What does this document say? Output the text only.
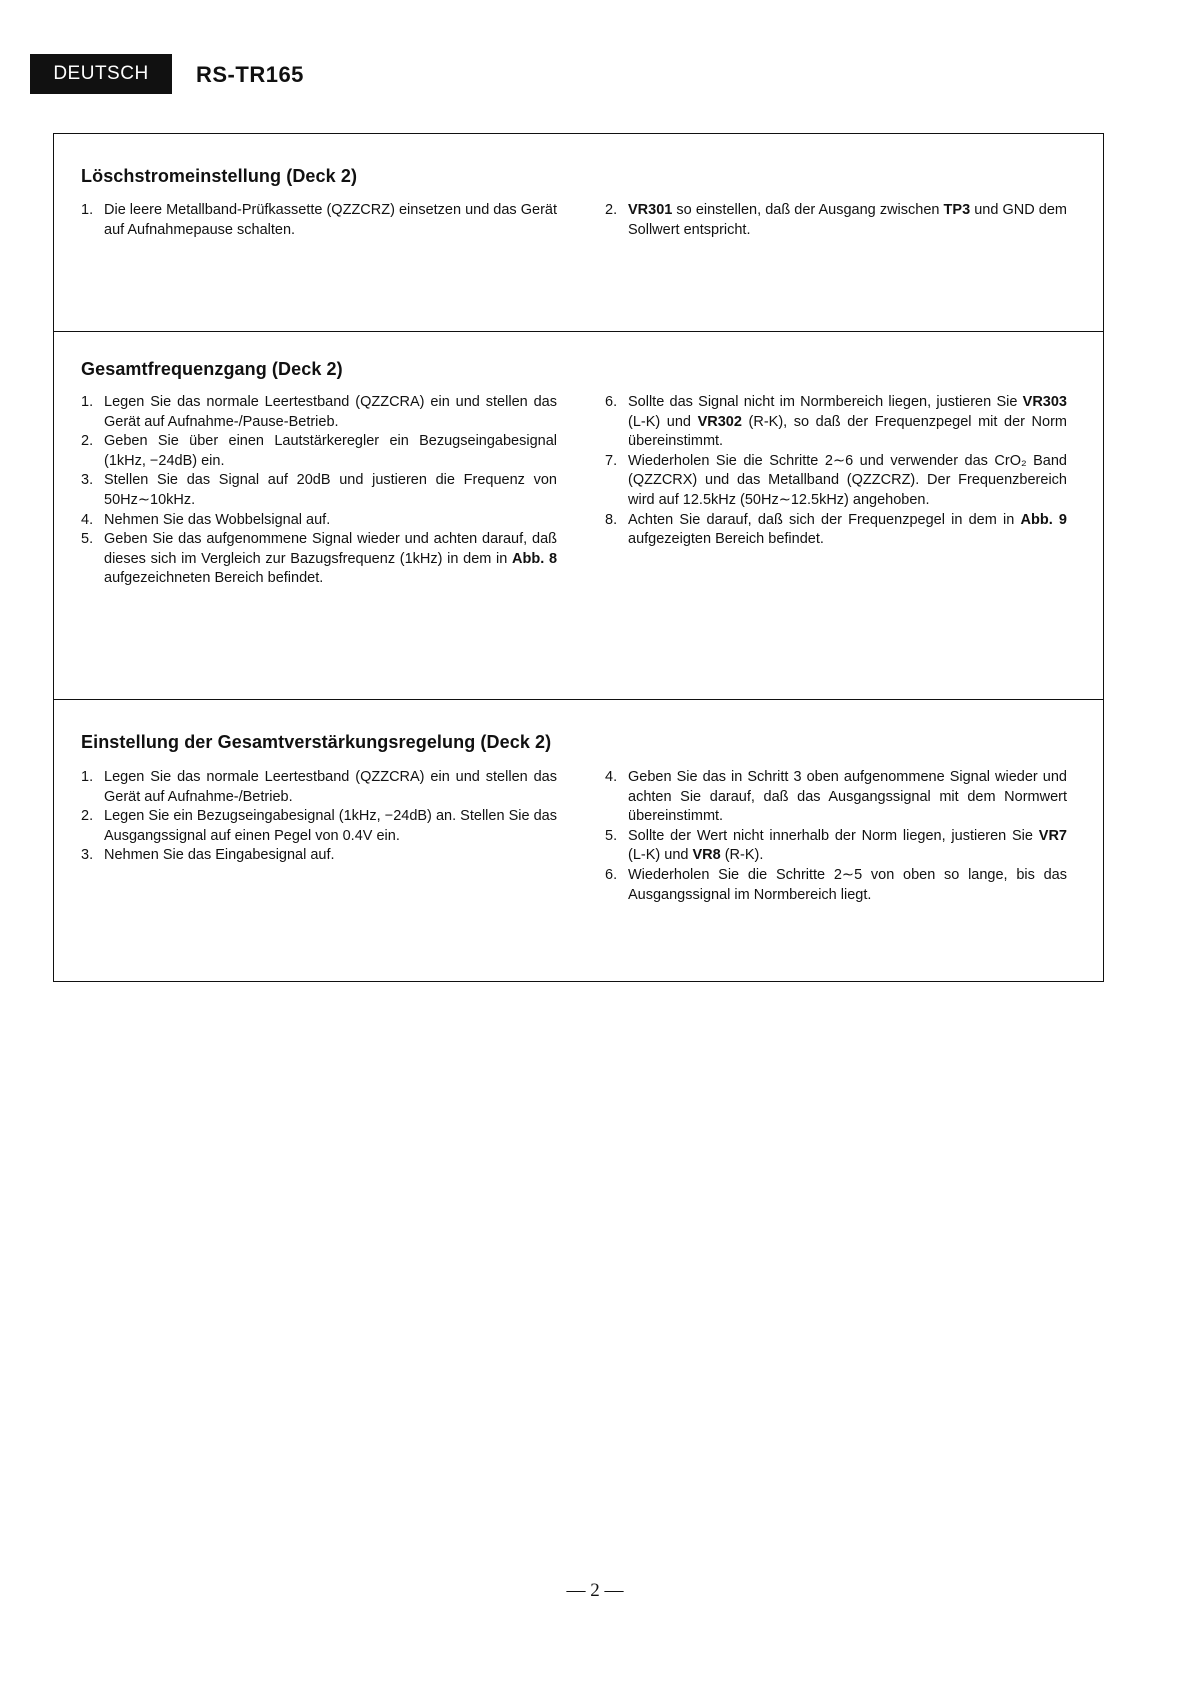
DEUTSCH	RS-TR165
Löschstromeinstellung (Deck 2)
1. Die leere Metallband-Prüfkassette (QZZCRZ) einsetzen und das Gerät auf Aufnahmepause schalten.
2. VR301 so einstellen, daß der Ausgang zwischen TP3 und GND dem Sollwert entspricht.
Gesamtfrequenzgang (Deck 2)
1. Legen Sie das normale Leertestband (QZZCRA) ein und stellen das Gerät auf Aufnahme-/Pause-Betrieb.
2. Geben Sie über einen Lautstärkeregler ein Bezugseingabesignal (1kHz, −24dB) ein.
3. Stellen Sie das Signal auf 20dB und justieren die Frequenz von 50Hz∼10kHz.
4. Nehmen Sie das Wobbelsignal auf.
5. Geben Sie das aufgenommene Signal wieder und achten darauf, daß dieses sich im Vergleich zur Bazugsfrequenz (1kHz) in dem in Abb. 8 aufgezeichneten Bereich befindet.
6. Sollte das Signal nicht im Normbereich liegen, justieren Sie VR303 (L-K) und VR302 (R-K), so daß der Frequenzpegel mit der Norm übereinstimmt.
7. Wiederholen Sie die Schritte 2∼6 und verwender das CrO₂ Band (QZZCRX) und das Metallband (QZZCRZ). Der Frequenzbereich wird auf 12.5kHz (50Hz∼12.5kHz) angehoben.
8. Achten Sie darauf, daß sich der Frequenzpegel in dem in Abb. 9 aufgezeigten Bereich befindet.
Einstellung der Gesamtverstärkungsregelung (Deck 2)
1. Legen Sie das normale Leertestband (QZZCRA) ein und stellen das Gerät auf Aufnahme-/Betrieb.
2. Legen Sie ein Bezugseingabesignal (1kHz, −24dB) an. Stellen Sie das Ausgangssignal auf einen Pegel von 0.4V ein.
3. Nehmen Sie das Eingabesignal auf.
4. Geben Sie das in Schritt 3 oben aufgenommene Signal wieder und achten Sie darauf, daß das Ausgangssignal mit dem Normwert übereinstimmt.
5. Sollte der Wert nicht innerhalb der Norm liegen, justieren Sie VR7 (L-K) und VR8 (R-K).
6. Wiederholen Sie die Schritte 2∼5 von oben so lange, bis das Ausgangssignal im Normbereich liegt.
— 2 —
